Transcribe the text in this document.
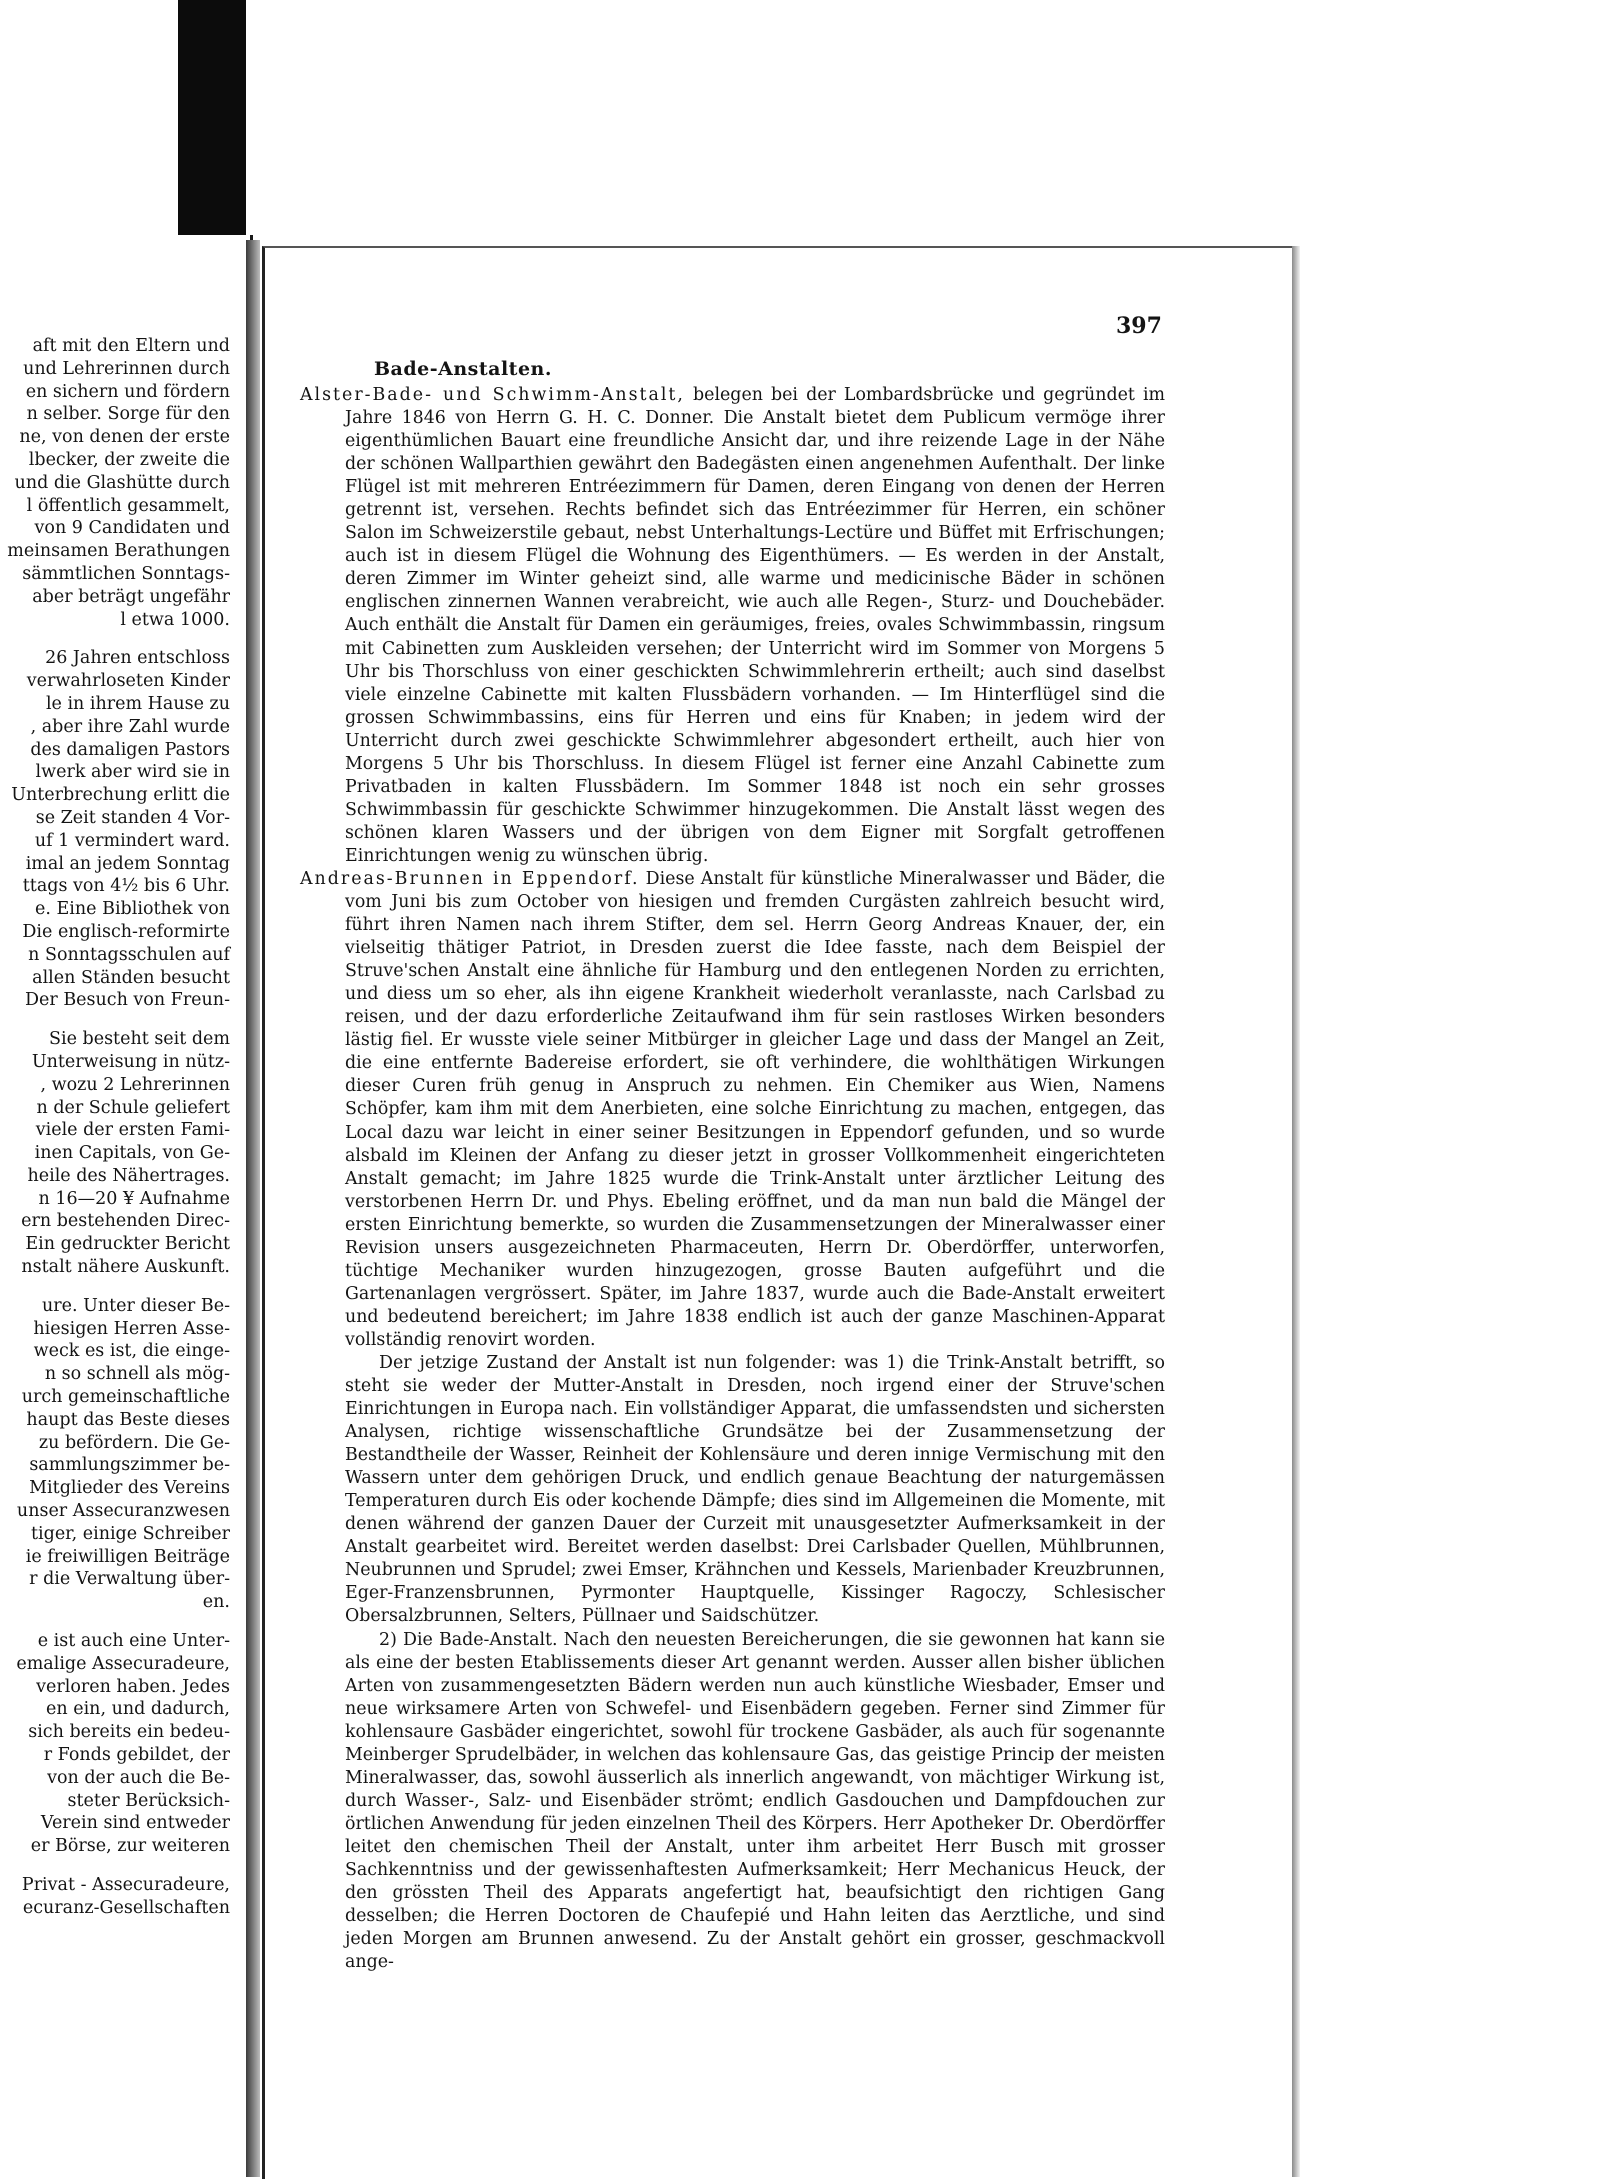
aft mit den Eltern und
und Lehrerinnen durch
en sichern und fördern
n selber. Sorge für den
ne, von denen der erste
lbecker, der zweite die
und die Glashütte durch
l öffentlich gesammelt,
von 9 Candidaten und
meinsamen Berathungen
sämmtlichen Sonntags-
aber beträgt ungefähr
l etwa 1000.
26 Jahren entschloss
verwahrloseten Kinder
le in ihrem Hause zu
, aber ihre Zahl wurde
des damaligen Pastors
lwerk aber wird sie in
Unterbrechung erlitt die
se Zeit standen 4 Vor-
uf 1 vermindert ward.
imal an jedem Sonntag
ttags von 4½ bis 6 Uhr.
e. Eine Bibliothek von
Die englisch-reformirte
n Sonntagsschulen auf
allen Ständen besucht
Der Besuch von Freun-
Sie besteht seit dem
Unterweisung in nütz-
, wozu 2 Lehrerinnen
n der Schule geliefert
viele der ersten Fami-
inen Capitals, von Ge-
heile des Nähertrages.
n 16—20 ¥ Aufnahme
ern bestehenden Direc-
Ein gedruckter Bericht
nstalt nähere Auskunft.
ure. Unter dieser Be-
hiesigen Herren Asse-
weck es ist, die einge-
n so schnell als mög-
urch gemeinschaftliche
haupt das Beste dieses
zu befördern. Die Ge-
sammlungszimmer be-
Mitglieder des Vereins
unser Assecuranzwesen
tiger, einige Schreiber
ie freiwilligen Beiträge
r die Verwaltung über-
en.
e ist auch eine Unter-
emalige Assecuradeure,
verloren haben. Jedes
en ein, und dadurch,
sich bereits ein bedeu-
r Fonds gebildet, der
von der auch die Be-
steter Berücksich-
Verein sind entweder
er Börse, zur weiteren
Privat - Assecuradeure,
ecuranz-Gesellschaften
397
Bade-Anstalten.

Alster-Bade- und Schwimm-Anstalt, belegen bei der Lombardsbrücke und gegründet im Jahre 1846 von Herrn G. H. C. Donner. Die Anstalt bietet dem Publicum vermöge ihrer eigenthümlichen Bauart eine freundliche Ansicht dar, und ihre reizende Lage in der Nähe der schönen Wallparthien gewährt den Badegästen einen angenehmen Aufenthalt. Der linke Flügel ist mit mehreren Entréezimmern für Damen, deren Eingang von denen der Herren getrennt ist, versehen. Rechts befindet sich das Entréezimmer für Herren, ein schöner Salon im Schweizerstile gebaut, nebst Unterhaltungs-Lectüre und Büffet mit Erfrischungen; auch ist in diesem Flügel die Wohnung des Eigenthümers. — Es werden in der Anstalt, deren Zimmer im Winter geheizt sind, alle warme und medicinische Bäder in schönen englischen zinnernen Wannen verabreicht, wie auch alle Regen-, Sturz- und Douchebäder. Auch enthält die Anstalt für Damen ein geräumiges, freies, ovales Schwimmbassin, ringsum mit Cabinetten zum Auskleiden versehen; der Unterricht wird im Sommer von Morgens 5 Uhr bis Thorschluss von einer geschickten Schwimmlehrerin ertheilt; auch sind daselbst viele einzelne Cabinette mit kalten Flussbädern vorhanden. — Im Hinterflügel sind die grossen Schwimmbassins, eins für Herren und eins für Knaben; in jedem wird der Unterricht durch zwei geschickte Schwimmlehrer abgesondert ertheilt, auch hier von Morgens 5 Uhr bis Thorschluss. In diesem Flügel ist ferner eine Anzahl Cabinette zum Privatbaden in kalten Flussbädern. Im Sommer 1848 ist noch ein sehr grosses Schwimmbassin für geschickte Schwimmer hinzugekommen. Die Anstalt lässt wegen des schönen klaren Wassers und der übrigen von dem Eigner mit Sorgfalt getroffenen Einrichtungen wenig zu wünschen übrig.

Andreas-Brunnen in Eppendorf. Diese Anstalt für künstliche Mineralwasser und Bäder, die vom Juni bis zum October von hiesigen und fremden Curgästen zahlreich besucht wird, führt ihren Namen nach ihrem Stifter, dem sel. Herrn Georg Andreas Knauer, der, ein vielseitig thätiger Patriot, in Dresden zuerst die Idee fasste, nach dem Beispiel der Struve'schen Anstalt eine ähnliche für Hamburg und den entlegenen Norden zu errichten, und diess um so eher, als ihn eigene Krankheit wiederholt veranlasste, nach Carlsbad zu reisen, und der dazu erforderliche Zeitaufwand ihm für sein rastloses Wirken besonders lästig fiel. Er wusste viele seiner Mitbürger in gleicher Lage und dass der Mangel an Zeit, die eine entfernte Badereise erfordert, sie oft verhindere, die wohlthätigen Wirkungen dieser Curen früh genug in Anspruch zu nehmen. Ein Chemiker aus Wien, Namens Schöpfer, kam ihm mit dem Anerbieten, eine solche Einrichtung zu machen, entgegen, das Local dazu war leicht in einer seiner Besitzungen in Eppendorf gefunden, und so wurde alsbald im Kleinen der Anfang zu dieser jetzt in grosser Vollkommenheit eingerichteten Anstalt gemacht; im Jahre 1825 wurde die Trink-Anstalt unter ärztlicher Leitung des verstorbenen Herrn Dr. und Phys. Ebeling eröffnet, und da man nun bald die Mängel der ersten Einrichtung bemerkte, so wurden die Zusammensetzungen der Mineralwasser einer Revision unsers ausgezeichneten Pharmaceuten, Herrn Dr. Oberdörffer, unterworfen, tüchtige Mechaniker wurden hinzugezogen, grosse Bauten aufgeführt und die Gartenanlagen vergrössert. Später, im Jahre 1837, wurde auch die Bade-Anstalt erweitert und bedeutend bereichert; im Jahre 1838 endlich ist auch der ganze Maschinen-Apparat vollständig renovirt worden.

Der jetzige Zustand der Anstalt ist nun folgender: was 1) die Trink-Anstalt betrifft, so steht sie weder der Mutter-Anstalt in Dresden, noch irgend einer der Struve'schen Einrichtungen in Europa nach. Ein vollständiger Apparat, die umfassendsten und sichersten Analysen, richtige wissenschaftliche Grundsätze bei der Zusammensetzung der Bestandtheile der Wasser, Reinheit der Kohlensäure und deren innige Vermischung mit den Wassern unter dem gehörigen Druck, und endlich genaue Beachtung der naturgemässen Temperaturen durch Eis oder kochende Dämpfe; dies sind im Allgemeinen die Momente, mit denen während der ganzen Dauer der Curzeit mit unausgesetzter Aufmerksamkeit in der Anstalt gearbeitet wird. Bereitet werden daselbst: Drei Carlsbader Quellen, Mühlbrunnen, Neubrunnen und Sprudel; zwei Emser, Krähnchen und Kessels, Marienbader Kreuzbrunnen, Eger-Franzensbrunnen, Pyrmonter Hauptquelle, Kissinger Ragoczy, Schlesischer Obersalzbrunnen, Selters, Püllnaer und Saidschützer.

2) Die Bade-Anstalt. Nach den neuesten Bereicherungen, die sie gewonnen hat kann sie als eine der besten Etablissements dieser Art genannt werden. Ausser allen bisher üblichen Arten von zusammengesetzten Bädern werden nun auch künstliche Wiesbader, Emser und neue wirksamere Arten von Schwefel- und Eisenbädern gegeben. Ferner sind Zimmer für kohlensaure Gasbäder eingerichtet, sowohl für trockene Gasbäder, als auch für sogenannte Meinberger Sprudelbäder, in welchen das kohlensaure Gas, das geistige Princip der meisten Mineralwasser, das, sowohl äusserlich als innerlich angewandt, von mächtiger Wirkung ist, durch Wasser-, Salz- und Eisenbäder strömt; endlich Gasdouchen und Dampfdouchen zur örtlichen Anwendung für jeden einzelnen Theil des Körpers. Herr Apotheker Dr. Oberdörffer leitet den chemischen Theil der Anstalt, unter ihm arbeitet Herr Busch mit grosser Sachkenntniss und der gewissenhaftesten Aufmerksamkeit; Herr Mechanicus Heuck, der den grössten Theil des Apparats angefertigt hat, beaufsichtigt den richtigen Gang desselben; die Herren Doctoren de Chaufepié und Hahn leiten das Aerztliche, und sind jeden Morgen am Brunnen anwesend. Zu der Anstalt gehört ein grosser, geschmackvoll ange-
